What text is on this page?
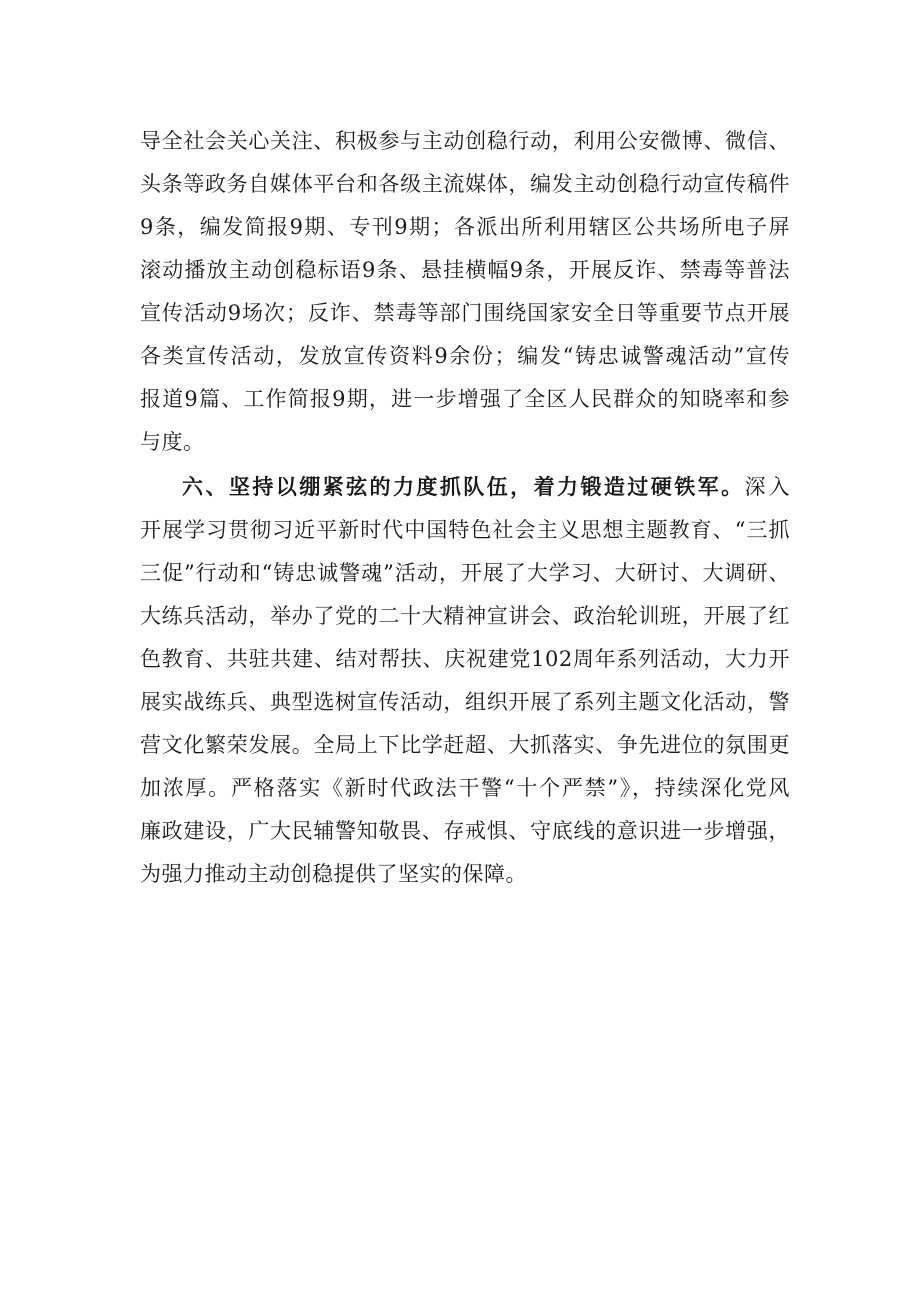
导全社会关心关注、积极参与主动创稳行动，利用公安微博、微信、
头条等政务自媒体平台和各级主流媒体，编发主动创稳行动宣传稿件
9条，编发简报9期、专刊9期；各派出所利用辖区公共场所电子屏
滚动播放主动创稳标语9条、悬挂横幅9条，开展反诈、禁毒等普法
宣传活动9场次；反诈、禁毒等部门围绕国家安全日等重要节点开展
各类宣传活动，发放宣传资料9余份；编发“铸忠诚警魂活动”宣传
报道9篇、工作简报9期，进一步增强了全区人民群众的知晓率和参
与度。
六、坚持以绷紧弦的力度抓队伍，着力锻造过硬铁军。深入
开展学习贯彻习近平新时代中国特色社会主义思想主题教育、“三抓
三促”行动和“铸忠诚警魂”活动，开展了大学习、大研讨、大调研、
大练兵活动，举办了党的二十大精神宣讲会、政治轮训班，开展了红
色教育、共驻共建、结对帮扶、庆祝建党102周年系列活动，大力开
展实战练兵、典型选树宣传活动，组织开展了系列主题文化活动，警
营文化繁荣发展。全局上下比学赶超、大抓落实、争先进位的氛围更
加浓厚。严格落实《新时代政法干警“十个严禁”》，持续深化党风
廉政建设，广大民辅警知敬畏、存戒惧、守底线的意识进一步增强，
为强力推动主动创稳提供了坚实的保障。
